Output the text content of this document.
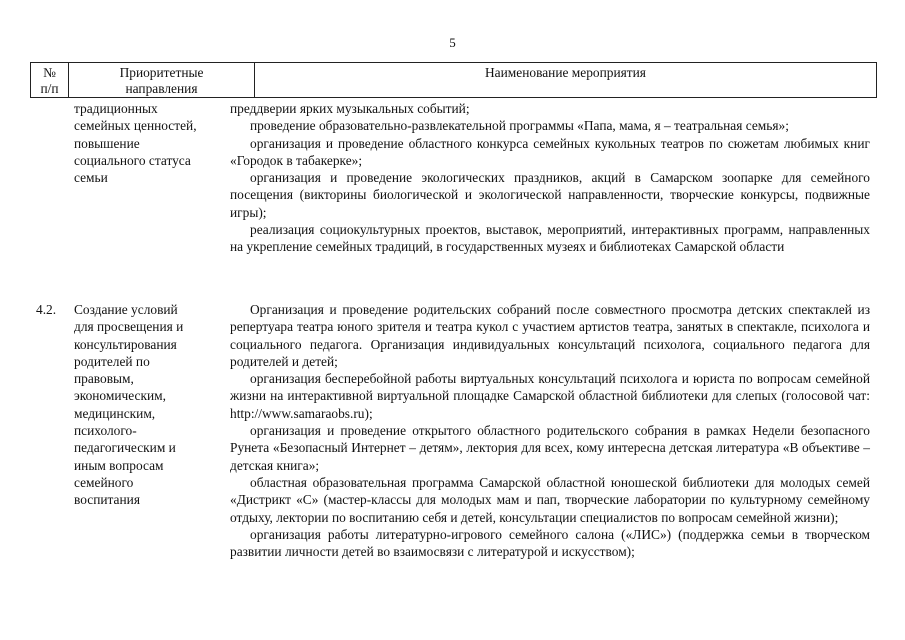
5
№
п/п
Приоритетные
направления
Наименование мероприятия
традиционных
семейных ценностей,
повышение
социального статуса
семьи

преддверии ярких музыкальных событий;

проведение образовательно-развлекательной программы «Папа, мама, я – театральная семья»;

организация и проведение областного конкурса семейных кукольных театров по сюжетам любимых книг «Городок в табакерке»;

организация и проведение экологических праздников, акций в Самарском зоопарке для семейного посещения (викторины биологической и экологической направленности, творческие конкурсы, подвижные игры);

реализация социокультурных проектов, выставок, мероприятий, интерактивных программ, направленных на укрепление семейных традиций, в государственных музеях и библиотеках Самарской области

4.2. Создание условий
для просвещения и
консультирования
родителей по
правовым,
экономическим,
медицинским,
психолого-
педагогическим и
иным вопросам
семейного
воспитания

Организация и проведение родительских собраний после совместного просмотра детских спектаклей из репертуара театра юного зрителя и театра кукол с участием артистов театра, занятых в спектакле, психолога и социального педагога. Организация индивидуальных консультаций психолога, социального педагога для родителей и детей;

организация бесперебойной работы виртуальных консультаций психолога и юриста по вопросам семейной жизни на интерактивной виртуальной площадке Самарской областной библиотеки для слепых (голосовой чат: http://www.samaraobs.ru);

организация и проведение открытого областного родительского собрания в рамках Недели безопасного Рунета «Безопасный Интернет – детям», лектория для всех, кому интересна детская литература «В объективе – детская книга»;

областная образовательная программа Самарской областной юношеской библиотеки для молодых семей «Дистрикт «С» (мастер-классы для молодых мам и пап, творческие лаборатории по культурному семейному отдыху, лектории по воспитанию себя и детей, консультации специалистов по вопросам семейной жизни);

организация работы литературно-игрового семейного салона («ЛИС») (поддержка семьи в творческом развитии личности детей во взаимосвязи с литературой и искусством);
